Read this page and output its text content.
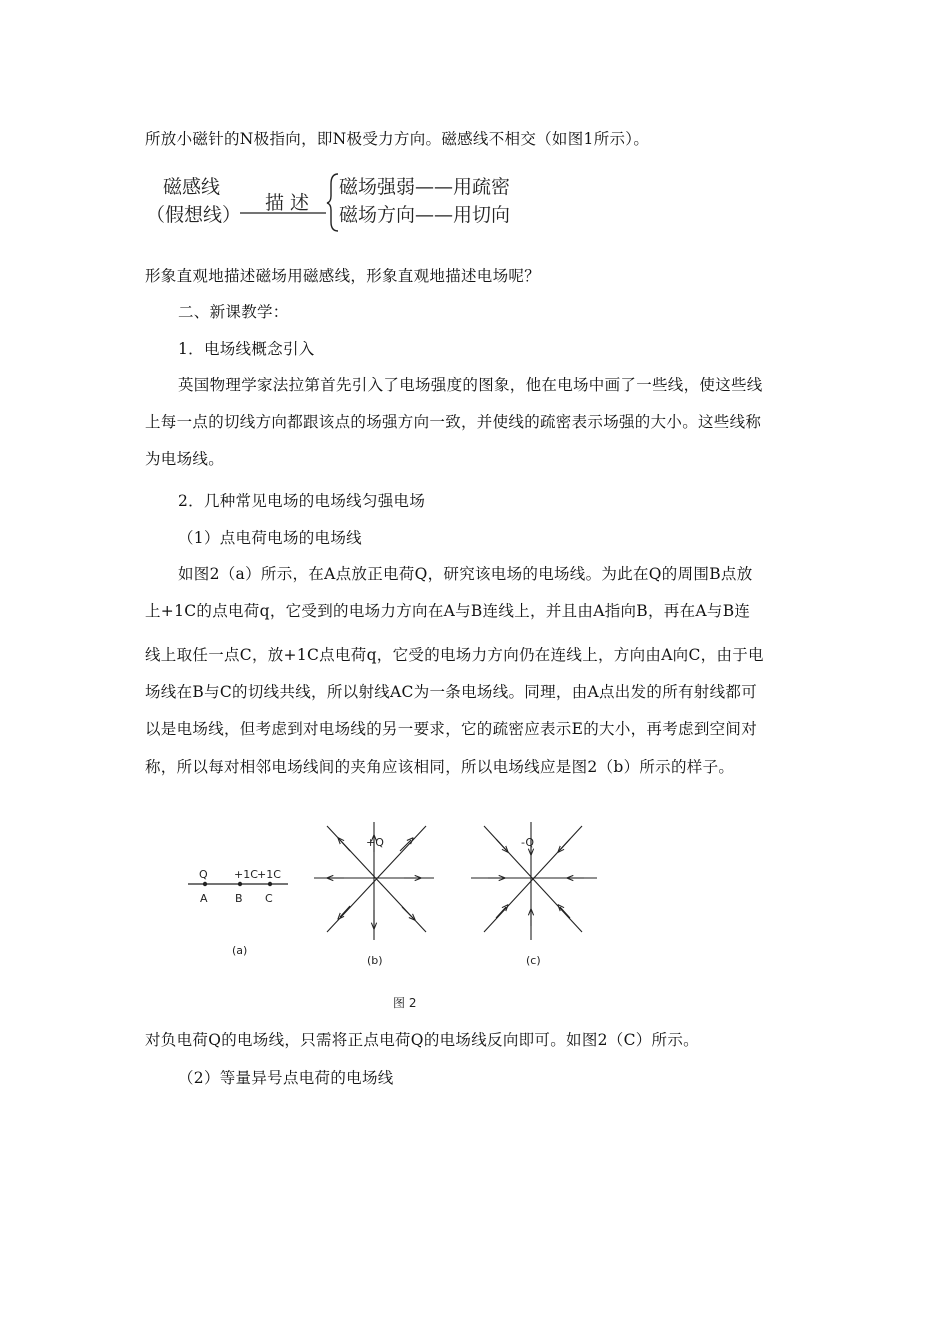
所放小磁针的N极指向，即N极受力方向。磁感线不相交（如图1所示）。
磁感线
（假想线）
描 述
磁场强弱——用疏密
磁场方向——用切向
形象直观地描述磁场用磁感线，形象直观地描述电场呢？
二、新课教学：
1．电场线概念引入
英国物理学家法拉第首先引入了电场强度的图象，他在电场中画了一些线，使这些线
上每一点的切线方向都跟该点的场强方向一致，并使线的疏密表示场强的大小。这些线称
为电场线。
2．几种常见电场的电场线匀强电场
（1）点电荷电场的电场线
如图2（a）所示，在A点放正电荷Q，研究该电场的电场线。为此在Q的周围B点放
上+1C的点电荷q，它受到的电场力方向在A与B连线上，并且由A指向B，再在A与B连
线上取任一点C，放+1C点电荷q，它受的电场力方向仍在连线上，方向由A向C，由于电
场线在B与C的切线共线，所以射线AC为一条电场线。同理，由A点出发的所有射线都可
以是电场线，但考虑到对电场线的另一要求，它的疏密应表示E的大小，再考虑到空间对
称，所以每对相邻电场线间的夹角应该相同，所以电场线应是图2（b）所示的样子。
Q +1C +1C
A B C
(a)
+Q
(b)
-Q
(c)
图 2
对负电荷Q的电场线，只需将正点电荷Q的电场线反向即可。如图2（C）所示。
（2）等量异号点电荷的电场线
